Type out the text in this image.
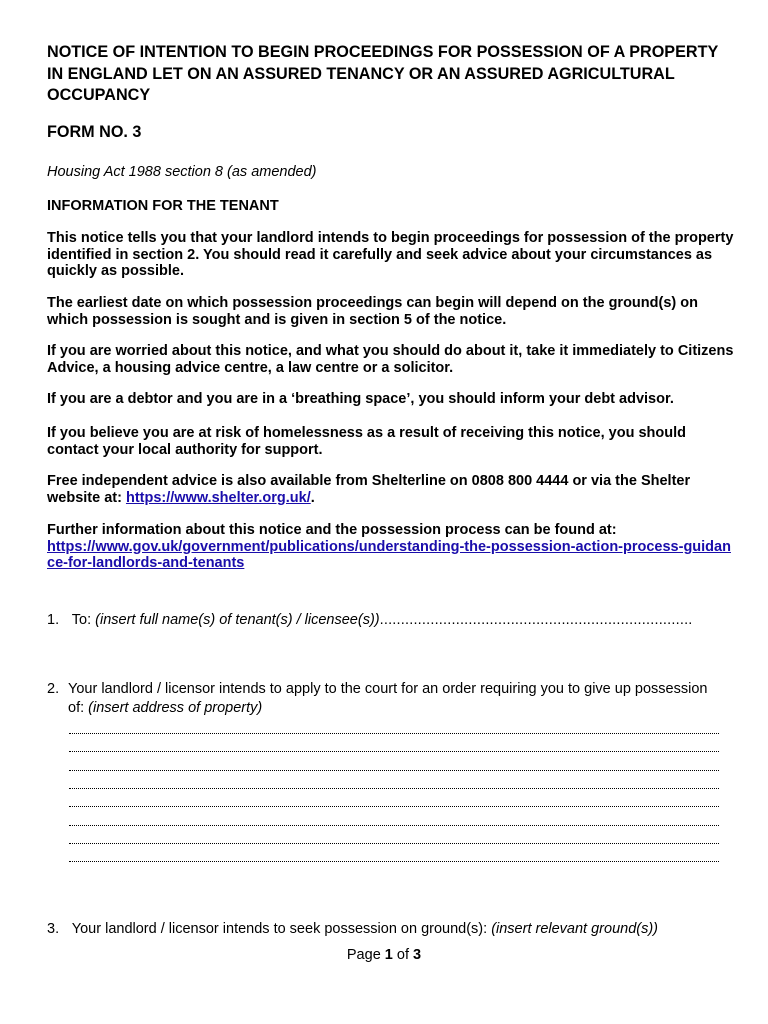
NOTICE OF INTENTION TO BEGIN PROCEEDINGS FOR POSSESSION OF A PROPERTY IN ENGLAND LET ON AN ASSURED TENANCY OR AN ASSURED AGRICULTURAL OCCUPANCY
FORM NO. 3
Housing Act 1988 section 8 (as amended)
INFORMATION FOR THE TENANT
This notice tells you that your landlord intends to begin proceedings for possession of the property identified in section 2. You should read it carefully and seek advice about your circumstances as quickly as possible.
The earliest date on which possession proceedings can begin will depend on the ground(s) on which possession is sought and is given in section 5 of the notice.
If you are worried about this notice, and what you should do about it, take it immediately to Citizens Advice, a housing advice centre, a law centre or a solicitor.
If you are a debtor and you are in a ‘breathing space’, you should inform your debt advisor.
If you believe you are at risk of homelessness as a result of receiving this notice, you should contact your local authority for support.
Free independent advice is also available from Shelterline on 0808 800 4444 or via the Shelter website at: https://www.shelter.org.uk/.
Further information about this notice and the possession process can be found at:
https://www.gov.uk/government/publications/understanding-the-possession-action-process-guidance-for-landlords-and-tenants
1. To: (insert full name(s) of tenant(s) / licensee(s))..........................................................................
2. Your landlord / licensor intends to apply to the court for an order requiring you to give up possession of: (insert address of property)
3. Your landlord / licensor intends to seek possession on ground(s): (insert relevant ground(s))
Page 1 of 3
